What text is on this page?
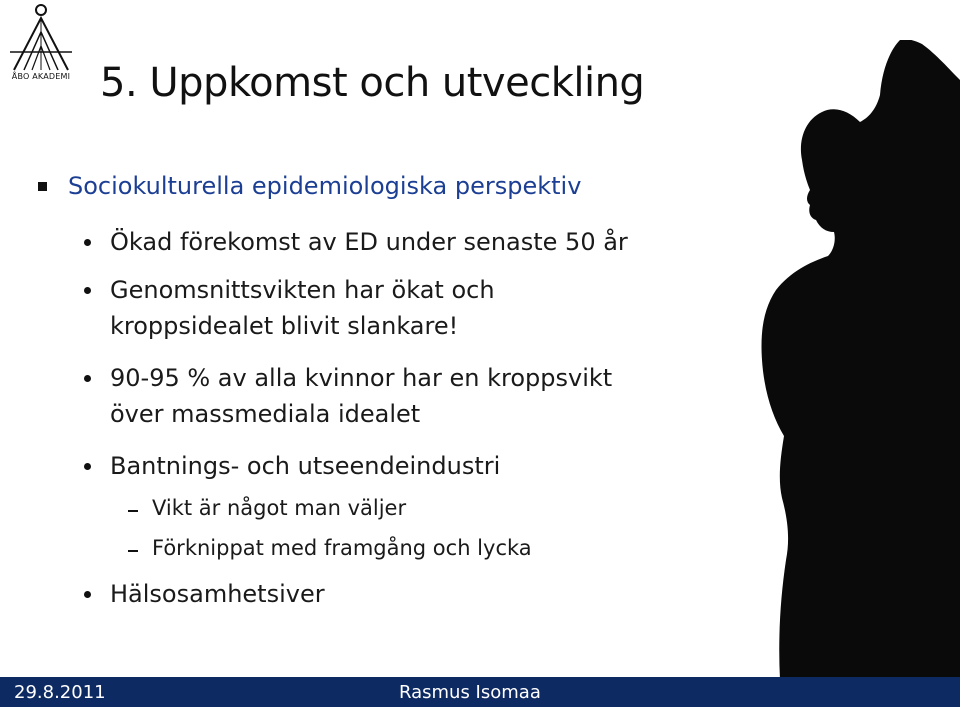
ÅBO AKADEMI 5. Uppkomst och utveckling
Sociokulturella epidemiologiska perspektiv
Ökad förekomst av ED under senaste 50 år
Genomsnittsvikten har ökat och
kroppsidealet blivit slankare!
90-95 % av alla kvinnor har en kroppsvikt
över massmediala idealet
Bantnings- och utseendeindustri
Vikt är något man väljer
Förknippat med framgång och lycka
Hälsosamhetsiver
29.8.2011	Rasmus Isomaa
